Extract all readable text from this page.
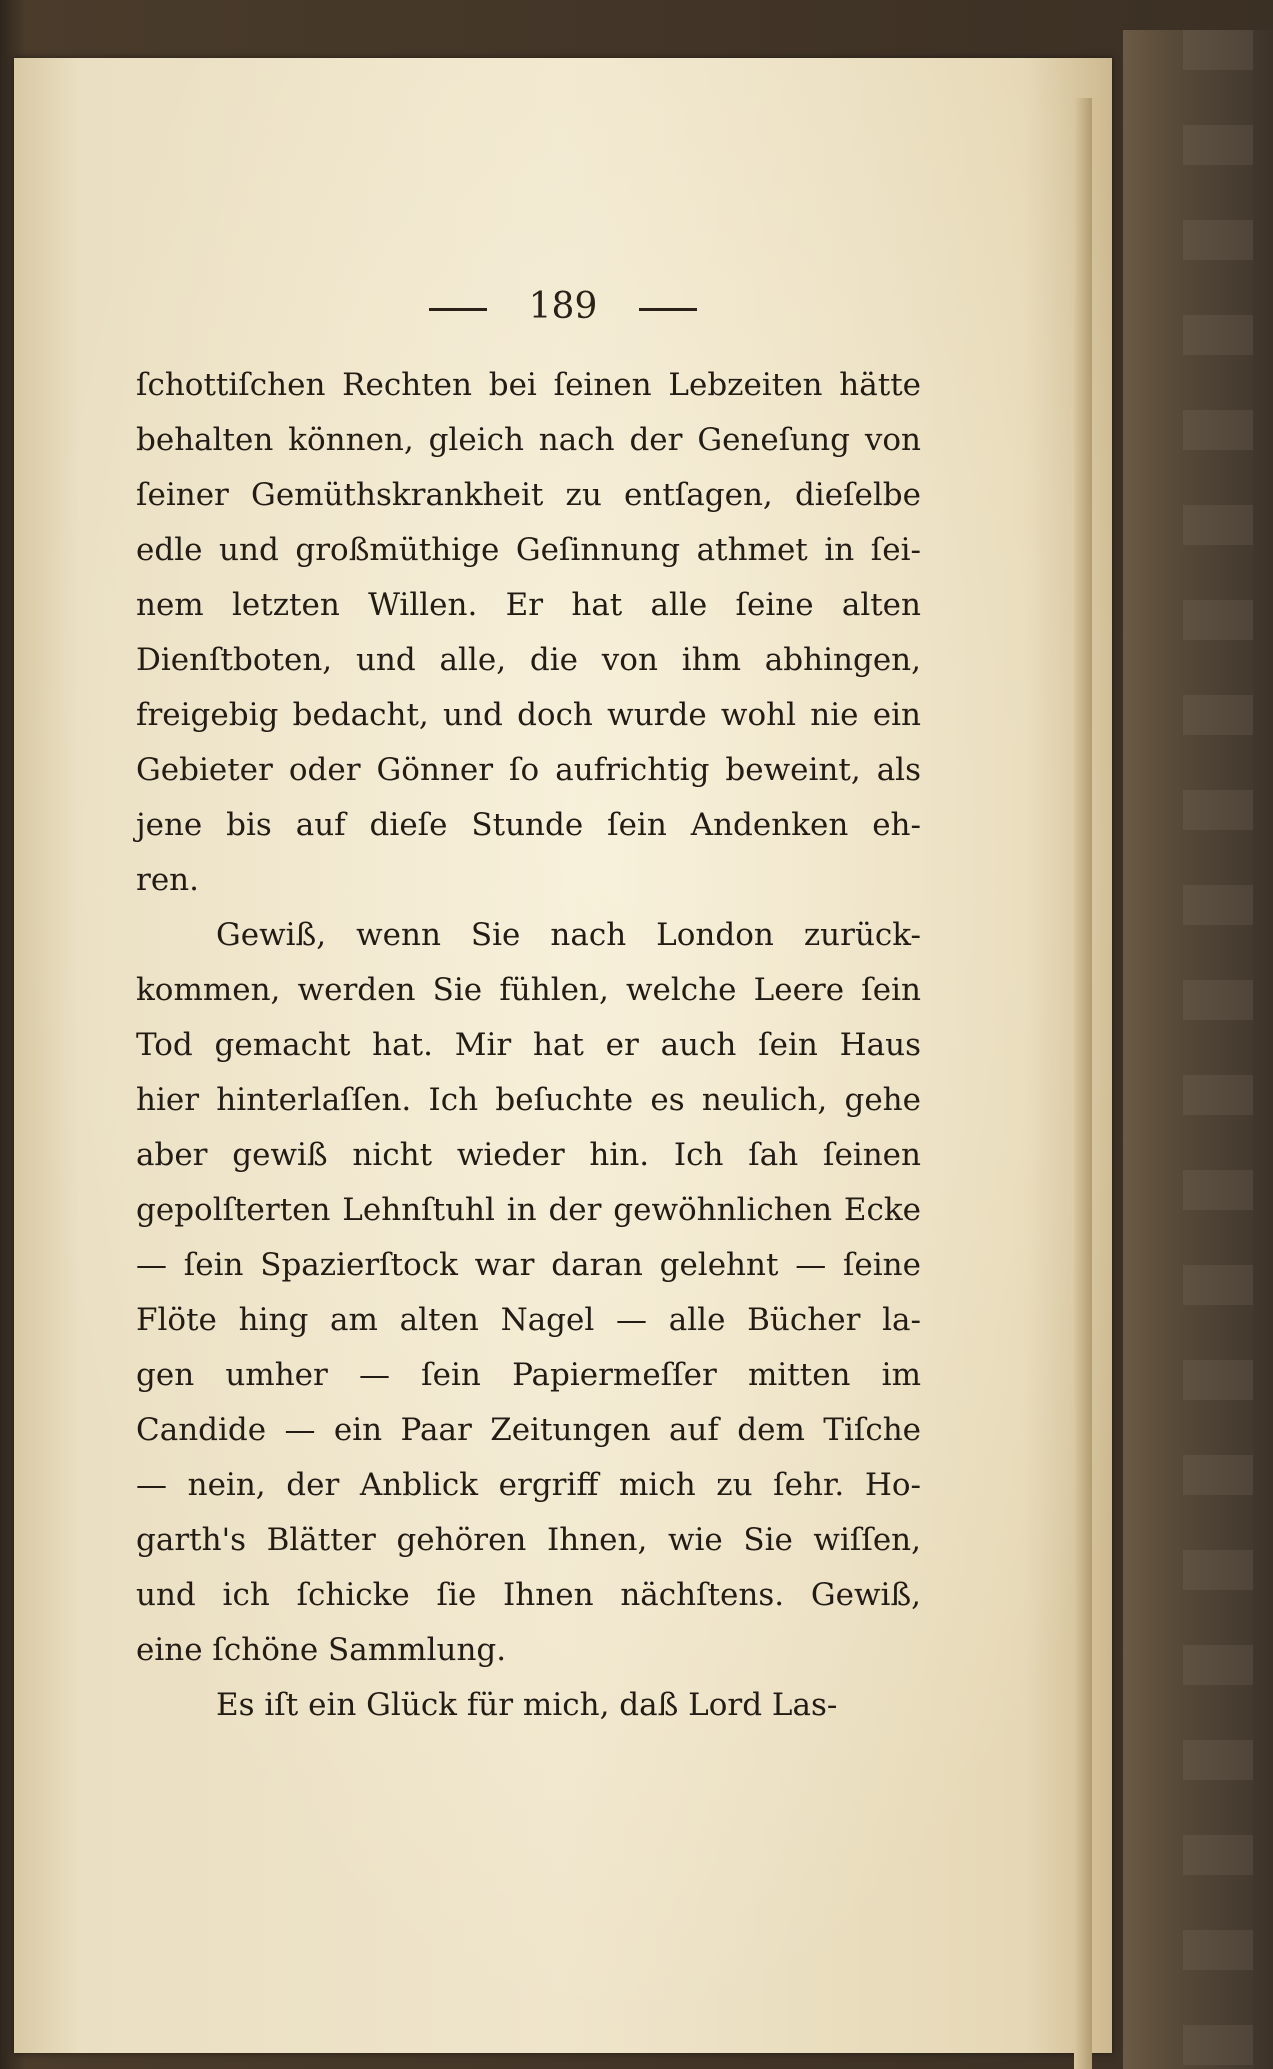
189
ſchottiſchen Rechten bei ſeinen Lebzeiten hätte
behalten können, gleich nach der Geneſung von
ſeiner Gemüthskrankheit zu entſagen, dieſelbe
edle und großmüthige Geſinnung athmet in ſei-
nem letzten Willen. Er hat alle ſeine alten
Dienſtboten, und alle, die von ihm abhingen,
freigebig bedacht, und doch wurde wohl nie ein
Gebieter oder Gönner ſo aufrichtig beweint, als
jene bis auf dieſe Stunde ſein Andenken eh-
ren.
Gewiß, wenn Sie nach London zurück-
kommen, werden Sie fühlen, welche Leere ſein
Tod gemacht hat. Mir hat er auch ſein Haus
hier hinterlaſſen. Ich beſuchte es neulich, gehe
aber gewiß nicht wieder hin. Ich ſah ſeinen
gepolſterten Lehnſtuhl in der gewöhnlichen Ecke
— ſein Spazierſtock war daran gelehnt — ſeine
Flöte hing am alten Nagel — alle Bücher la-
gen umher — ſein Papiermeſſer mitten im
Candide — ein Paar Zeitungen auf dem Tiſche
— nein, der Anblick ergriff mich zu ſehr. Ho-
garth's Blätter gehören Ihnen, wie Sie wiſſen,
und ich ſchicke ſie Ihnen nächſtens. Gewiß,
eine ſchöne Sammlung.
Es iſt ein Glück für mich, daß Lord Las-
